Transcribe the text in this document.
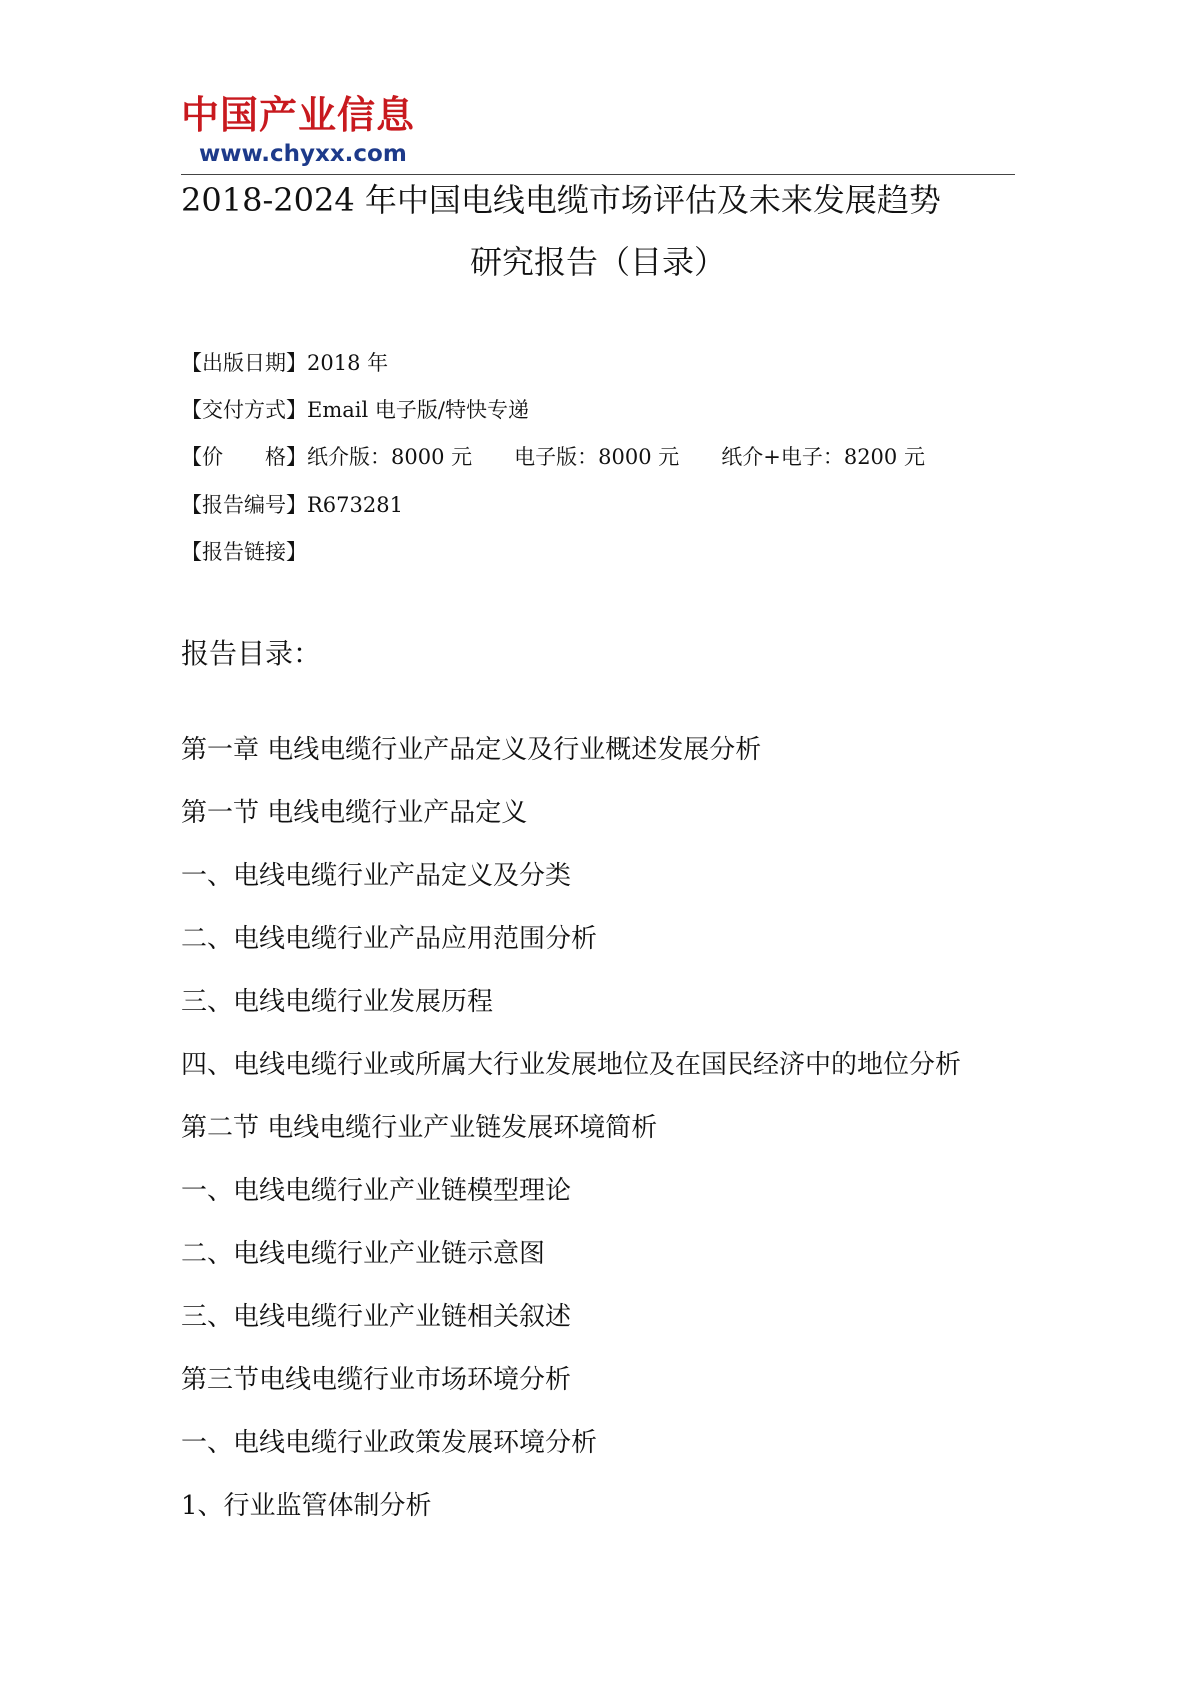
中国产业信息
www.chyxx.com
2018-2024 年中国电线电缆市场评估及未来发展趋势
研究报告（目录）
【出版日期】2018 年
【交付方式】Email 电子版/特快专递
【价　　格】纸介版：8000 元　　电子版：8000 元　　纸介+电子：8200 元
【报告编号】R673281
【报告链接】
报告目录：
第一章 电线电缆行业产品定义及行业概述发展分析
第一节 电线电缆行业产品定义
一、电线电缆行业产品定义及分类
二、电线电缆行业产品应用范围分析
三、电线电缆行业发展历程
四、电线电缆行业或所属大行业发展地位及在国民经济中的地位分析
第二节 电线电缆行业产业链发展环境简析
一、电线电缆行业产业链模型理论
二、电线电缆行业产业链示意图
三、电线电缆行业产业链相关叙述
第三节电线电缆行业市场环境分析
一、电线电缆行业政策发展环境分析
1、行业监管体制分析
